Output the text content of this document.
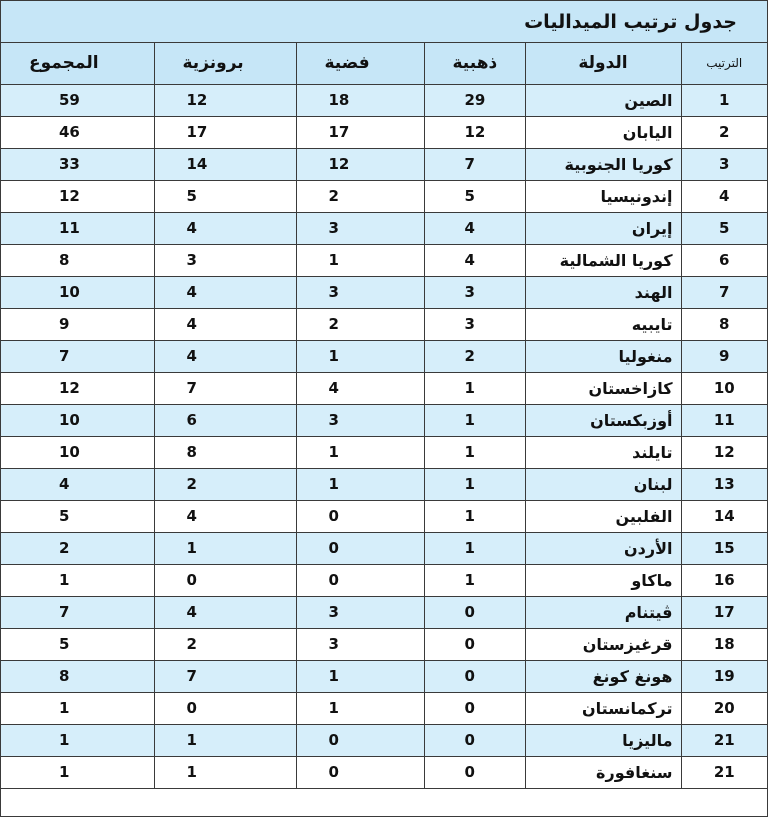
جدول ترتيب الميداليات
الترتيب	الدولة	ذهبية	فضية	برونزية	المجموع
1	الصين	29	18	12	59
2	اليابان	12	17	17	46
3	كوريا الجنوبية	7	12	14	33
4	إندونيسيا	5	2	5	12
5	إيران	4	3	4	11
6	كوريا الشمالية	4	1	3	8
7	الهند	3	3	4	10
8	تايبيه	3	2	4	9
9	منغوليا	2	1	4	7
10	كازاخستان	1	4	7	12
11	أوزبكستان	1	3	6	10
12	تايلند	1	1	8	10
13	لبنان	1	1	2	4
14	الفلبين	1	0	4	5
15	الأردن	1	0	1	2
16	ماكاو	1	0	0	1
17	ڤيتنام	0	3	4	7
18	قرغيزستان	0	3	2	5
19	هونغ كونغ	0	1	7	8
20	تركمانستان	0	1	0	1
21	ماليزيا	0	0	1	1
21	سنغافورة	0	0	1	1
